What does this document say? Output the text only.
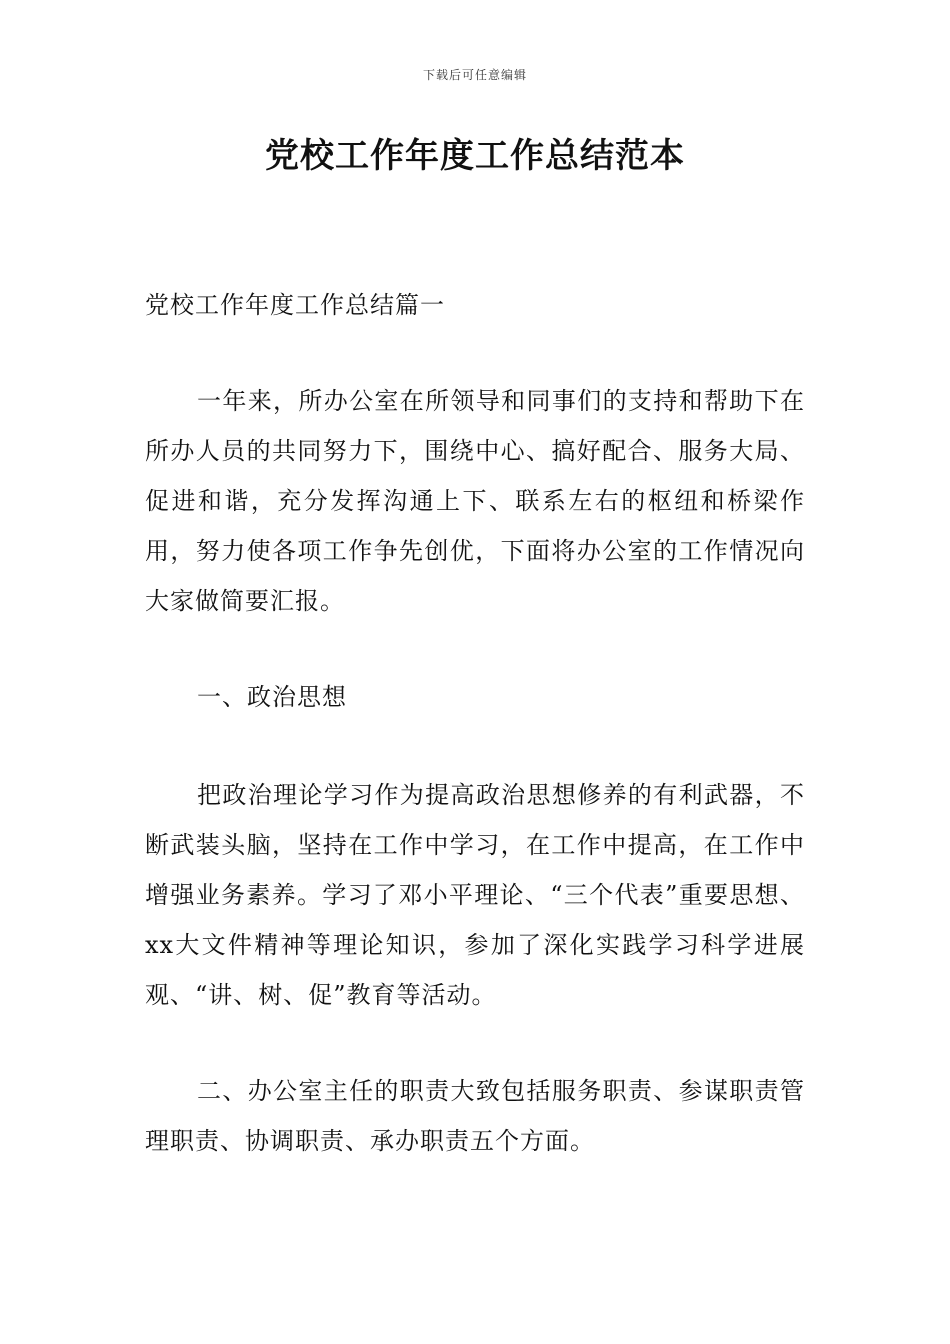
下载后可任意编辑
党校工作年度工作总结范本

党校工作年度工作总结篇一

一年来，所办公室在所领导和同事们的支持和帮助下在所办人员的共同努力下，围绕中心、搞好配合、服务大局、促进和谐，充分发挥沟通上下、联系左右的枢纽和桥梁作用，努力使各项工作争先创优，下面将办公室的工作情况向大家做简要汇报。

一、政治思想

把政治理论学习作为提高政治思想修养的有利武器，不断武装头脑，坚持在工作中学习，在工作中提高，在工作中增强业务素养。学习了邓小平理论、“三个代表”重要思想、xx大文件精神等理论知识，参加了深化实践学习科学进展观、“讲、树、促”教育等活动。

二、办公室主任的职责大致包括服务职责、参谋职责管理职责、协调职责、承办职责五个方面。
